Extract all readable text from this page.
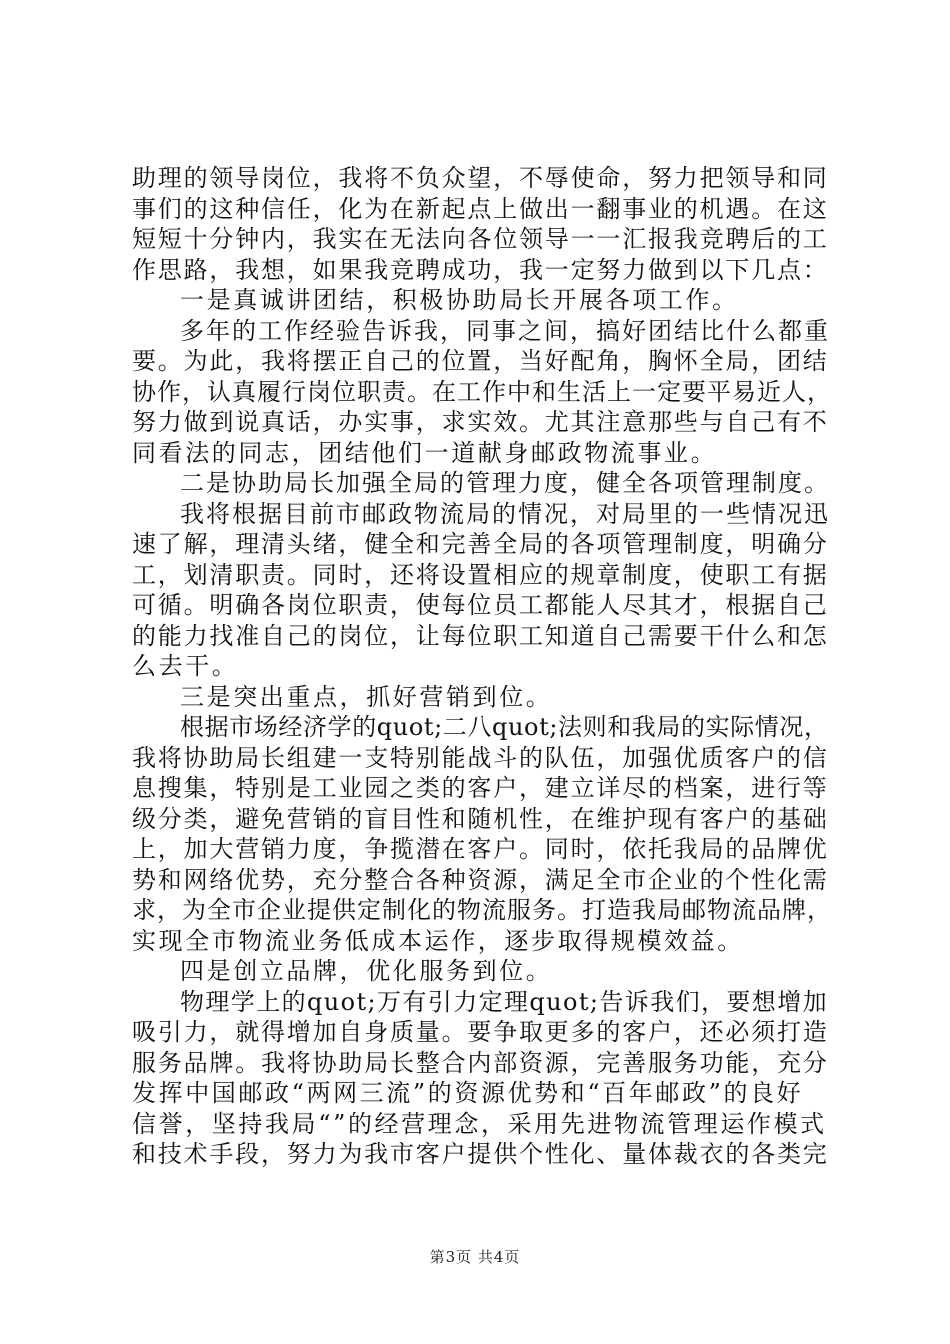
助理的领导岗位，我将不负众望，不辱使命，努力把领导和同
事们的这种信任，化为在新起点上做出一翻事业的机遇。在这
短短十分钟内，我实在无法向各位领导一一汇报我竞聘后的工
作思路，我想，如果我竞聘成功，我一定努力做到以下几点：
一是真诚讲团结，积极协助局长开展各项工作。
多年的工作经验告诉我，同事之间，搞好团结比什么都重
要。为此，我将摆正自己的位置，当好配角，胸怀全局，团结
协作，认真履行岗位职责。在工作中和生活上一定要平易近人，
努力做到说真话，办实事，求实效。尤其注意那些与自己有不
同看法的同志，团结他们一道献身邮政物流事业。
二是协助局长加强全局的管理力度，健全各项管理制度。
我将根据目前市邮政物流局的情况，对局里的一些情况迅
速了解，理清头绪，健全和完善全局的各项管理制度，明确分
工，划清职责。同时，还将设置相应的规章制度，使职工有据
可循。明确各岗位职责，使每位员工都能人尽其才，根据自己
的能力找准自己的岗位，让每位职工知道自己需要干什么和怎
么去干。
三是突出重点，抓好营销到位。
根据市场经济学的quot;二八quot;法则和我局的实际情况，
我将协助局长组建一支特别能战斗的队伍，加强优质客户的信
息搜集，特别是工业园之类的客户，建立详尽的档案，进行等
级分类，避免营销的盲目性和随机性，在维护现有客户的基础
上，加大营销力度，争揽潜在客户。同时，依托我局的品牌优
势和网络优势，充分整合各种资源，满足全市企业的个性化需
求，为全市企业提供定制化的物流服务。打造我局邮物流品牌，
实现全市物流业务低成本运作，逐步取得规模效益。
四是创立品牌，优化服务到位。
物理学上的quot;万有引力定理quot;告诉我们，要想增加
吸引力，就得增加自身质量。要争取更多的客户，还必须打造
服务品牌。我将协助局长整合内部资源，完善服务功能，充分
发挥中国邮政“两网三流”的资源优势和“百年邮政”的良好
信誉，坚持我局“”的经营理念，采用先进物流管理运作模式
和技术手段，努力为我市客户提供个性化、量体裁衣的各类完
第3页 共4页
